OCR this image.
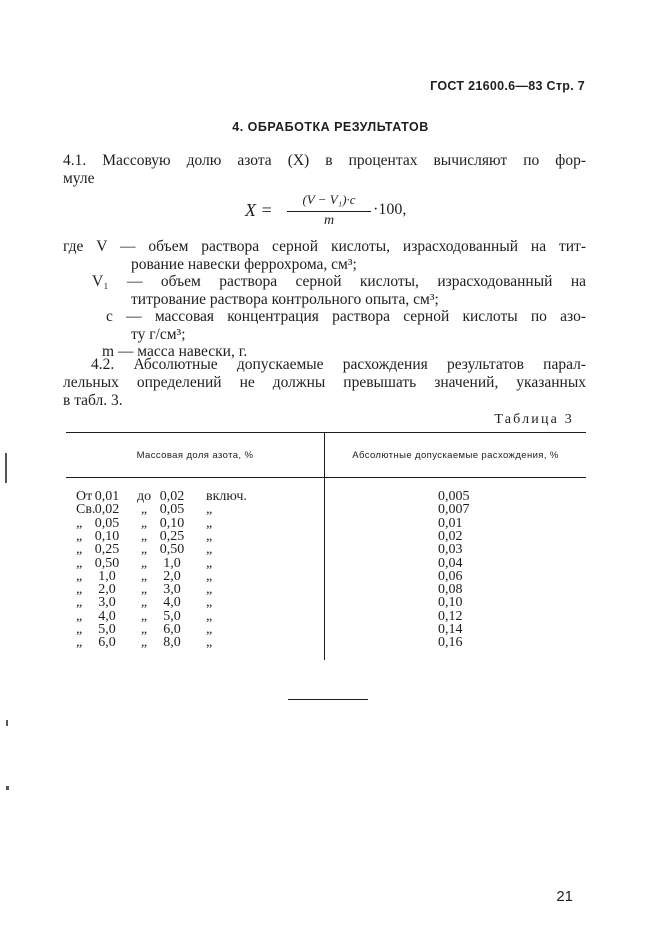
ГОСТ 21600.6—83 Стр. 7
4. ОБРАБОТКА РЕЗУЛЬТАТОВ
4.1. Массовую долю азота (X) в процентах вычисляют по фор-
муле
X =
(V − V₁)·c
m
·100,
где V — объем раствора серной кислоты, израсходованный на тит-
рование навески феррохрома, см³;
V₁ — объем раствора серной кислоты, израсходованный на
титрование раствора контрольного опыта, см³;
c — массовая концентрация раствора серной кислоты по азо-
ту г/см³;
m — масса навески, г.
4.2. Абсолютные допускаемые расхождения результатов парал-
лельных определений не должны превышать значений, указанных
в табл. 3.
Таблица 3
Массовая доля азота, %	Абсолютные допускаемые расхождения, %
От 0,01	до 0,02	включ.	0,005
Св. 0,02	„ 0,05	„	0,007
„ 0,05	„ 0,10	„	0,01
„ 0,10	„ 0,25	„	0,02
„ 0,25	„ 0,50	„	0,03
„ 0,50	„	1,0	„	0,04
„	1,0	„	2,0	„	0,06
„	2,0	„	3,0	„	0,08
„	3,0	„	4,0	„	0,10
„	4,0	„	5,0	„	0,12
„	5,0	„	6,0	„	0,14
„	6,0	„	8,0	„	0,16
21
